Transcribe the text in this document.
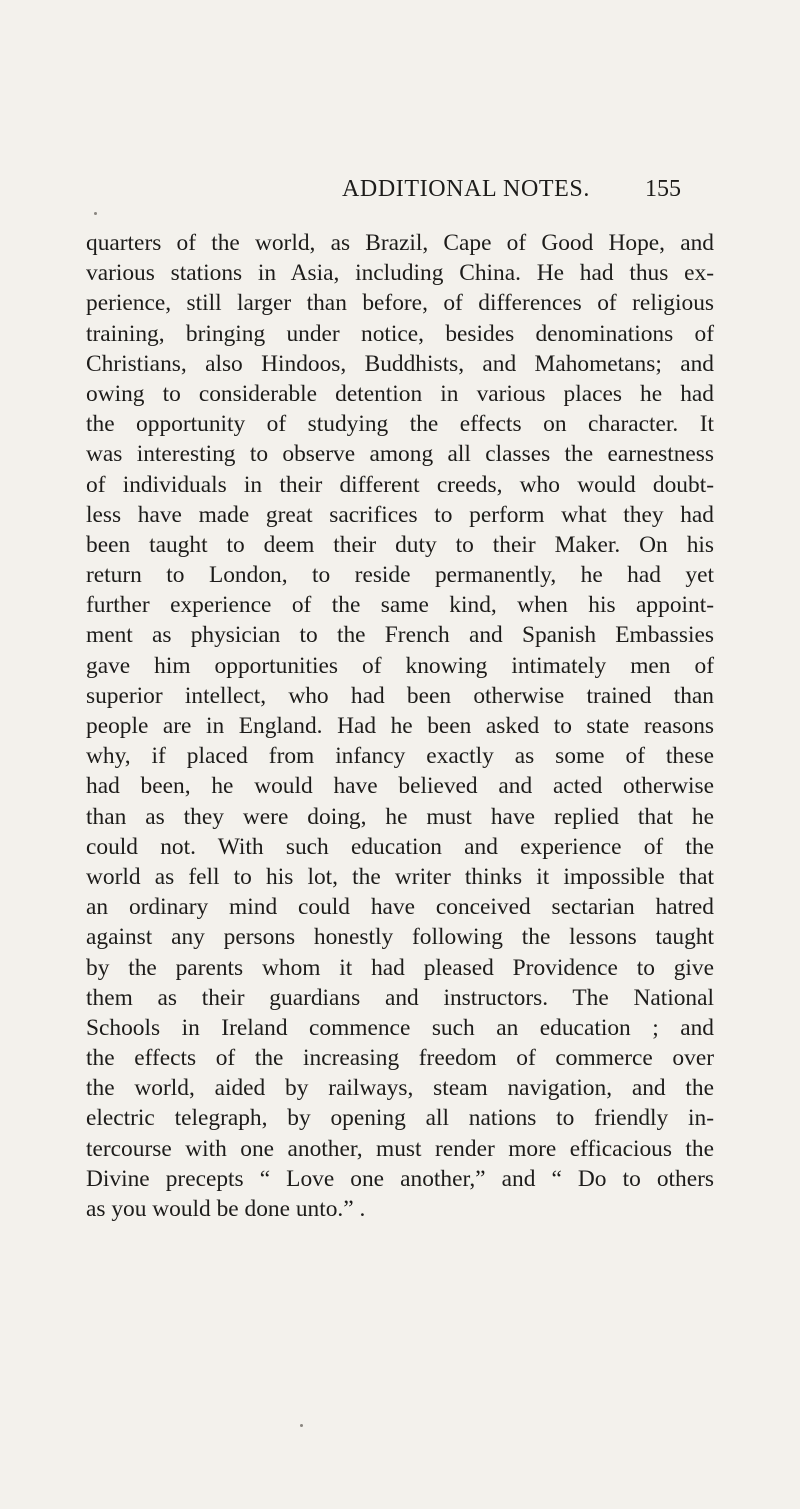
ADDITIONAL NOTES. 155
quarters of the world, as Brazil, Cape of Good Hope, and
various stations in Asia, including China. He had thus ex-
perience, still larger than before, of differences of religious
training, bringing under notice, besides denominations of
Christians, also Hindoos, Buddhists, and Mahometans; and
owing to considerable detention in various places he had
the opportunity of studying the effects on character. It
was interesting to observe among all classes the earnestness
of individuals in their different creeds, who would doubt-
less have made great sacrifices to perform what they had
been taught to deem their duty to their Maker. On his
return to London, to reside permanently, he had yet
further experience of the same kind, when his appoint-
ment as physician to the French and Spanish Embassies
gave him opportunities of knowing intimately men of
superior intellect, who had been otherwise trained than
people are in England. Had he been asked to state reasons
why, if placed from infancy exactly as some of these
had been, he would have believed and acted otherwise
than as they were doing, he must have replied that he
could not. With such education and experience of the
world as fell to his lot, the writer thinks it impossible that
an ordinary mind could have conceived sectarian hatred
against any persons honestly following the lessons taught
by the parents whom it had pleased Providence to give
them as their guardians and instructors. The National
Schools in Ireland commence such an education ; and
the effects of the increasing freedom of commerce over
the world, aided by railways, steam navigation, and the
electric telegraph, by opening all nations to friendly in-
tercourse with one another, must render more efficacious the
Divine precepts “ Love one another,” and “ Do to others
as you would be done unto.” .
